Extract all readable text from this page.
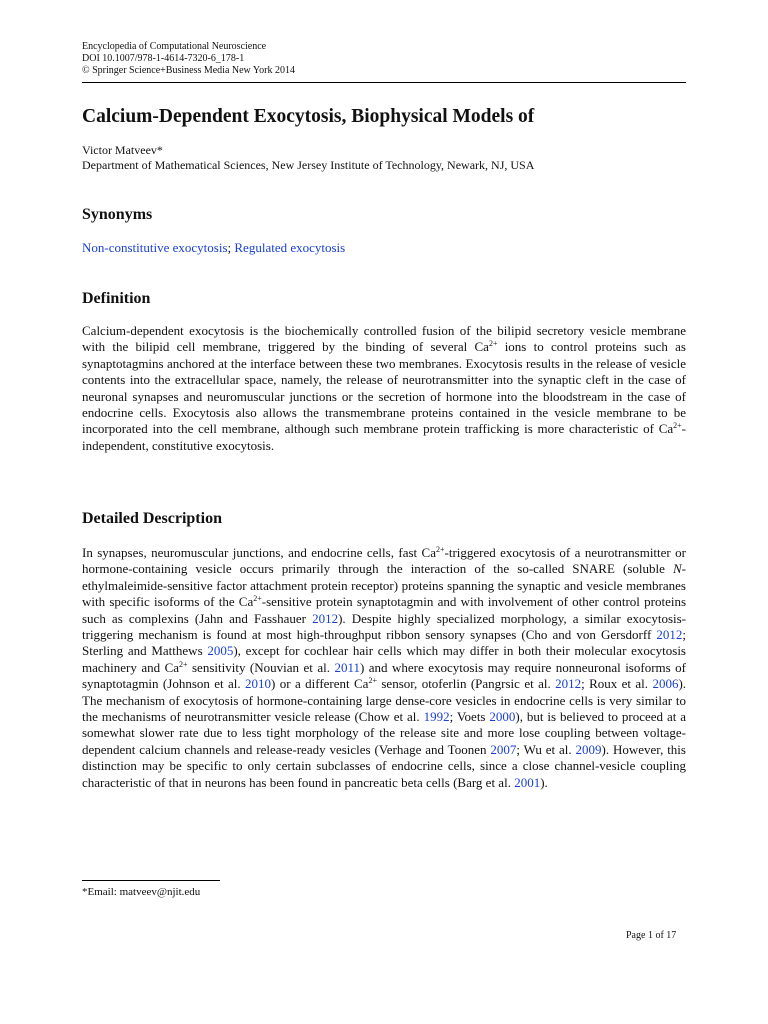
Encyclopedia of Computational Neuroscience
DOI 10.1007/978-1-4614-7320-6_178-1
© Springer Science+Business Media New York 2014
Calcium-Dependent Exocytosis, Biophysical Models of
Victor Matveev*
Department of Mathematical Sciences, New Jersey Institute of Technology, Newark, NJ, USA
Synonyms
Non-constitutive exocytosis; Regulated exocytosis
Definition

Calcium-dependent exocytosis is the biochemically controlled fusion of the bilipid secretory vesicle membrane with the bilipid cell membrane, triggered by the binding of several $Ca^{2+}$ ions to control proteins such as synaptotagmins anchored at the interface between these two membranes. Exocytosis results in the release of vesicle contents into the extracellular space, namely, the release of neurotransmitter into the synaptic cleft in the case of neuronal synapses and neuromuscular junctions or the secretion of hormone into the bloodstream in the case of endocrine cells. Exocytosis also allows the transmembrane proteins contained in the vesicle membrane to be incorporated into the cell membrane, although such membrane protein trafficking is more characteristic of $Ca^{2+}$-independent, constitutive exocytosis.

Detailed Description

In synapses, neuromuscular junctions, and endocrine cells, fast $Ca^{2+}$-triggered exocytosis of a neurotransmitter or hormone-containing vesicle occurs primarily through the interaction of the so-called SNARE (soluble N-ethylmaleimide-sensitive factor attachment protein receptor) proteins spanning the synaptic and vesicle membranes with specific isoforms of the $Ca^{2+}$-sensitive protein synaptotagmin and with involvement of other control proteins such as complexins (Jahn and Fasshauer 2012). Despite highly specialized morphology, a similar exocytosis-triggering mechanism is found at most high-throughput ribbon sensory synapses (Cho and von Gersdorff 2012; Sterling and Matthews 2005), except for cochlear hair cells which may differ in both their molecular exocytosis machinery and $Ca^{2+}$ sensitivity (Nouvian et al. 2011) and where exocytosis may require nonneuronal isoforms of synaptotagmin (Johnson et al. 2010) or a different $Ca^{2+}$ sensor, otoferlin (Pangrsic et al. 2012; Roux et al. 2006). The mechanism of exocytosis of hormone-containing large dense-core vesicles in endocrine cells is very similar to the mechanisms of neurotransmitter vesicle release (Chow et al. 1992; Voets 2000), but is believed to proceed at a somewhat slower rate due to less tight morphology of the release site and more lose coupling between voltage-dependent calcium channels and release-ready vesicles (Verhage and Toonen 2007; Wu et al. 2009). However, this distinction may be specific to only certain subclasses of endocrine cells, since a close channel-vesicle coupling characteristic of that in neurons has been found in pancreatic beta cells (Barg et al. 2001).

*Email: matveev@njit.edu
Page 1 of 17
